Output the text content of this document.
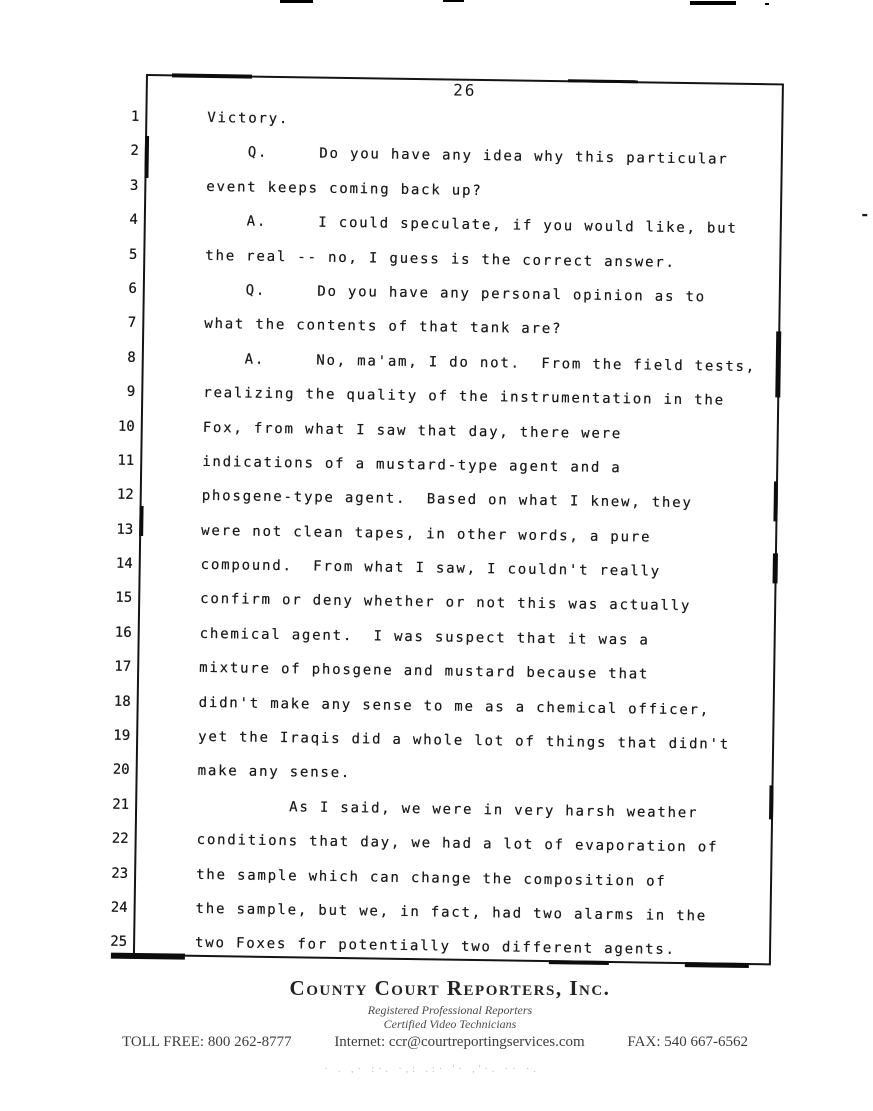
26
-
1
2
3
4
5
6
7
8
9
10
11
12
13
14
15
16
17
18
19
20
21
22
23
24
25
Victory.
Q.     Do you have any idea why this particular
event keeps coming back up?
A.     I could speculate, if you would like, but
the real -- no, I guess is the correct answer.
Q.     Do you have any personal opinion as to
what the contents of that tank are?
A.     No, ma'am, I do not.  From the field tests,
realizing the quality of the instrumentation in the
Fox, from what I saw that day, there were
indications of a mustard-type agent and a
phosgene-type agent.  Based on what I knew, they
were not clean tapes, in other words, a pure
compound.  From what I saw, I couldn't really
confirm or deny whether or not this was actually
chemical agent.  I was suspect that it was a
mixture of phosgene and mustard because that
didn't make any sense to me as a chemical officer,
yet the Iraqis did a whole lot of things that didn't
make any sense.
As I said, we were in very harsh weather
conditions that day, we had a lot of evaporation of
the sample which can change the composition of
the sample, but we, in fact, had two alarms in the
two Foxes for potentially two different agents.
County Court Reporters, Inc.
Registered Professional Reporters
Certified Video Technicians
TOLL FREE: 800 262-8777	Internet: ccr@courtreportingservices.com	FAX: 540 667-6562
· . ,· :·. ·,: .:· '· ,'·. ·· ·.
